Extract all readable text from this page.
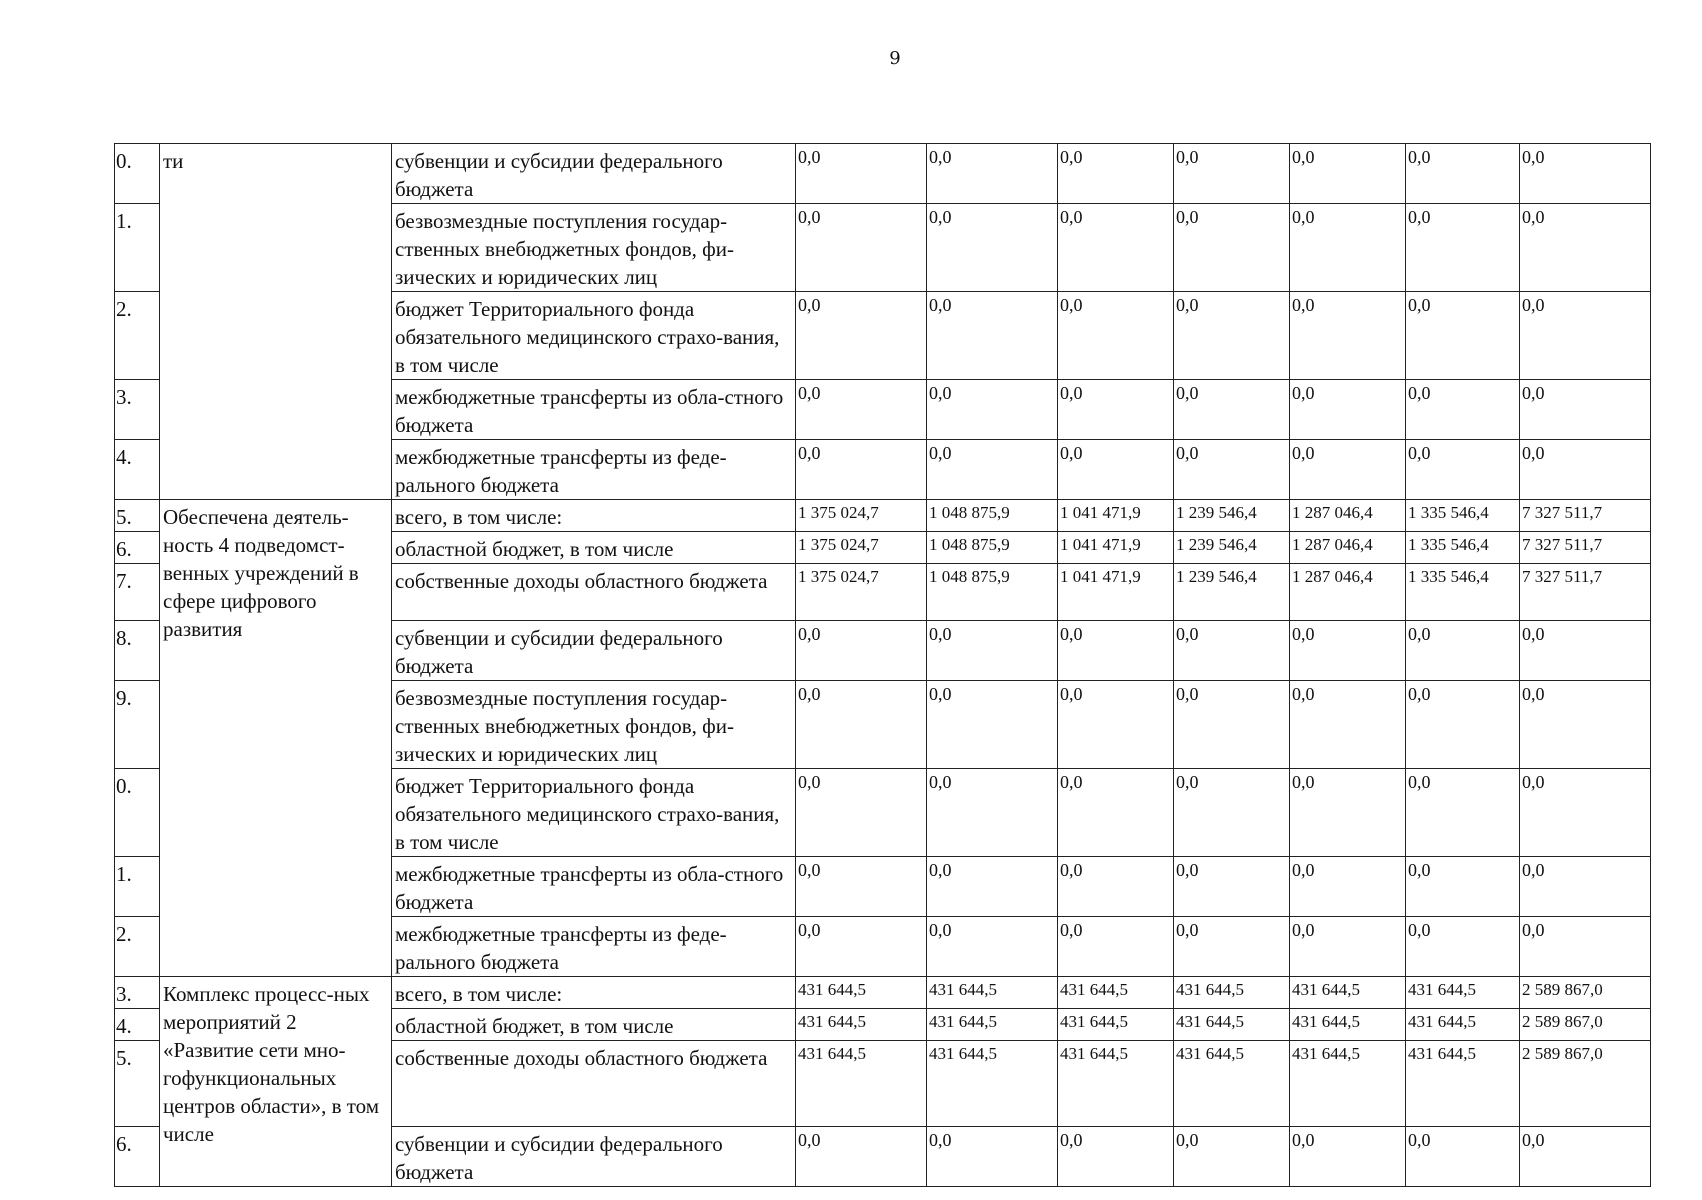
9
0.	ти	субвенции и субсидии федерального бюджета	0,0	0,0	0,0	0,0	0,0	0,0	0,0
1.		безвозмездные поступления государ-ственных внебюджетных фондов, фи-зических и юридических лиц	0,0	0,0	0,0	0,0	0,0	0,0	0,0
2.		бюджет Территориального фонда обязательного медицинского страхо-вания, в том числе	0,0	0,0	0,0	0,0	0,0	0,0	0,0
3.		межбюджетные трансферты из обла-стного бюджета	0,0	0,0	0,0	0,0	0,0	0,0	0,0
4.		межбюджетные трансферты из феде-рального бюджета	0,0	0,0	0,0	0,0	0,0	0,0	0,0
5.	Обеспечена деятель-ность 4 подведомст-венных учреждений в сфере цифрового развития	всего, в том числе:	1 375 024,7	1 048 875,9	1 041 471,9	1 239 546,4	1 287 046,4	1 335 546,4	7 327 511,7
6.		областной бюджет, в том числе	1 375 024,7	1 048 875,9	1 041 471,9	1 239 546,4	1 287 046,4	1 335 546,4	7 327 511,7
7.		собственные доходы областного бюджета	1 375 024,7	1 048 875,9	1 041 471,9	1 239 546,4	1 287 046,4	1 335 546,4	7 327 511,7
8.		субвенции и субсидии федерального бюджета	0,0	0,0	0,0	0,0	0,0	0,0	0,0
9.		безвозмездные поступления государ-ственных внебюджетных фондов, фи-зических и юридических лиц	0,0	0,0	0,0	0,0	0,0	0,0	0,0
0.		бюджет Территориального фонда обязательного медицинского страхо-вания, в том числе	0,0	0,0	0,0	0,0	0,0	0,0	0,0
1.		межбюджетные трансферты из обла-стного бюджета	0,0	0,0	0,0	0,0	0,0	0,0	0,0
2.		межбюджетные трансферты из феде-рального бюджета	0,0	0,0	0,0	0,0	0,0	0,0	0,0
3.	Комплекс процесс-ных мероприятий 2 «Развитие сети мно-гофункциональных центров области», в том числе	всего, в том числе:	431 644,5	431 644,5	431 644,5	431 644,5	431 644,5	431 644,5	2 589 867,0
4.		областной бюджет, в том числе	431 644,5	431 644,5	431 644,5	431 644,5	431 644,5	431 644,5	2 589 867,0
5.		собственные доходы областного бюджета	431 644,5	431 644,5	431 644,5	431 644,5	431 644,5	431 644,5	2 589 867,0
6.		субвенции и субсидии федерального бюджета	0,0	0,0	0,0	0,0	0,0	0,0	0,0
